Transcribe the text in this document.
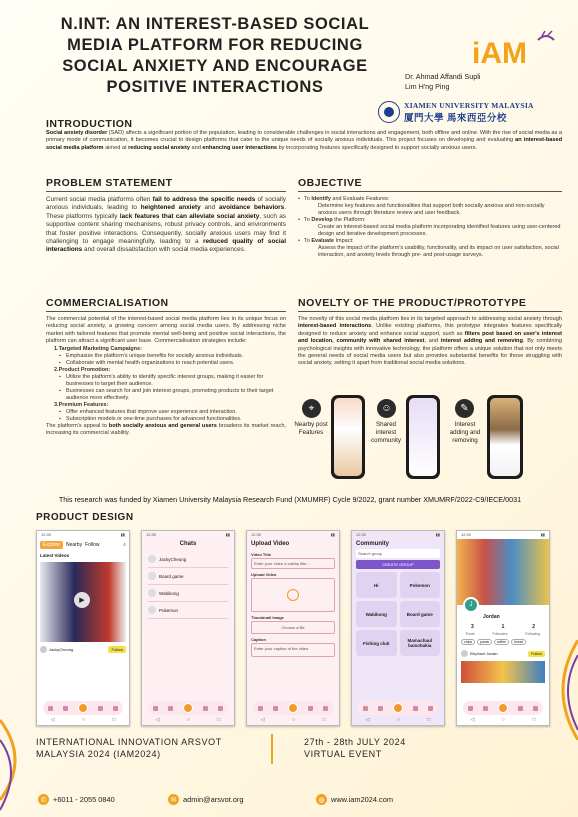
N.INT: AN INTEREST-BASED SOCIAL
MEDIA PLATFORM FOR REDUCING
SOCIAL ANXIETY AND ENCOURAGE
POSITIVE INTERACTIONS
iAM
Dr. Ahmad Affandi Supli
Lim H'ng Ping
XIAMEN UNIVERSITY MALAYSIA
厦門大學 馬來西亞分校
INTRODUCTION
Social anxiety disorder (SAD) affects a significant portion of the population, leading to considerable challenges in social interactions and engagement, both offline and online. With the rise of social media as a primary mode of communication, it becomes crucial to design platforms that cater to the unique needs of socially anxious individuals. This project focuses on developing and evaluating an interest-based social media platform aimed at reducing social anxiety and enhancing user interactions by incorporating features specifically designed to support socially anxious users.
PROBLEM STATEMENT
Current social media platforms often fail to address the specific needs of socially anxious individuals, leading to heightened anxiety and avoidance behaviors. These platforms typically lack features that can alleviate social anxiety, such as supportive content sharing mechanisms, robust privacy controls, and environments that foster positive interactions. Consequently, socially anxious users may find it challenging to engage meaningfully, leading to a reduced quality of social interactions and overall dissatisfaction with social media experiences.
OBJECTIVE
• To Identify and Evaluate Features:
Determine key features and functionalities that support both socially anxious and non-socially anxious users through literature review and user feedback.
• To Develop the Platform:
Create an interest-based social media platform incorporating identified features using user-centered design and iterative development processes.
• To Evaluate Impact:
Assess the impact of the platform's usability, functionality, and its impact on user satisfaction, social interaction, and anxiety levels through pre- and post-usage surveys.
COMMERCIALISATION
The commercial potential of the interest-based social media platform lies in its unique focus on reducing social anxiety, a growing concern among social media users. By addressing niche market with tailored features that promote mental well-being and positive social interactions, the platform can attract a significant user base. Commercialisation strategies include:
1.Targeted Marketing Campaigns:
▪ Emphasize the platform's unique benefits for socially anxious individuals.
▪ Collaborate with mental health organizations to reach potential users.
2.Product Promotion:
▪ Utilize the platform's ability to identify specific interest groups, making it easier for businesses to target their audience.
▪ Businesses can search for and join interest groups, promoting products to their target audience more effectively.
3.Premium Features:
▪ Offer enhanced features that improve user experience and interaction.
▪ Subscription models or one-time purchases for advanced functionalities.
The platform's appeal to both socially anxious and general users broadens its market reach, increasing its commercial viability.
NOVELTY OF THE PRODUCT/PROTOTYPE
The novelty of this social media platform lies in its targeted approach to addressing social anxiety through interest-based interactions. Unlike existing platforms, this prototype integrates features specifically designed to reduce anxiety and enhance social support, such as filters post based on user's interest and location, community with shared interest, and interest adding and removing. By combining psychological insights with innovative technology, the platform offers a unique solution that not only meets the general needs of social media users but also provides substantial benefits for those struggling with social anxiety, setting it apart from traditional social media solutions.
⌖
Nearby post Features
☺
Shared interest community
✎
Interest adding and removing
This research was funded by Xiamen University Malaysia Research Fund (XMUMRF) Cycle 9/2022, grant number XMUMRF/2022-C9/IECE/0031
PRODUCT DESIGN
12:30	▮▮
Explore	Nearby Follow	⌕
Latest Videos
▶
JackyCheung	Follow
◁	○	□
12:30	▮▮
Chats
JackyCheung
Board game
Wabikong
Pokemon
◁	○	□
12:30	▮▮
Upload Video
Video Title
Enter your video a catchy title...
Upload Video
Thumbnail Image
Choose a file
Caption
Enter your caption of the video
◁	○	□
12:30	▮▮
Community
Search group
CREATE GROUP
Hi	Pokemon
Wabikong	Board game
Fishing club	Mamachaul baisohakia
◁	○	□
12:30	▮▮
J
Jordan
3	1	2
Posts	Followers	Following
chips	pasta	coffee	bread
Elephant Jordan	Follow
◁	○	□
INTERNATIONAL INNOVATION ARSVOT
MALAYSIA 2024 (IAM2024)
27th - 28th JULY 2024
VIRTUAL EVENT
✆ +6011 - 2055 0840	✉ admin@arsvot.org	◍ www.iam2024.com
